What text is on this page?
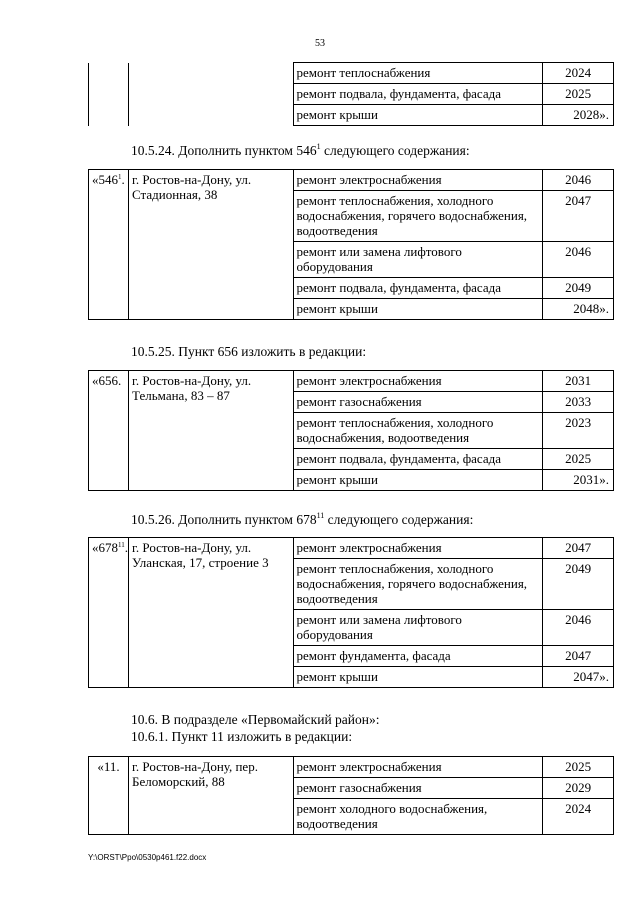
53
		ремонт теплоснабжения	2024
		ремонт подвала, фундамента, фасада	2025
		ремонт крыши	2028».
10.5.24. Дополнить пунктом $546^1$ следующего содержания:
«$546^1$.	г. Ростов-на-Дону, ул. Стадионная, 38	ремонт электроснабжения	2046
		ремонт теплоснабжения, холодного водоснабжения, горячего водоснабжения, водоотведения	2047
		ремонт или замена лифтового оборудования	2046
		ремонт подвала, фундамента, фасада	2049
		ремонт крыши	2048».
10.5.25. Пункт 656 изложить в редакции:
«656.	г. Ростов-на-Дону, ул. Тельмана, 83 – 87	ремонт электроснабжения	2031
		ремонт газоснабжения	2033
		ремонт теплоснабжения, холодного водоснабжения, водоотведения	2023
		ремонт подвала, фундамента, фасада	2025
		ремонт крыши	2031».
10.5.26. Дополнить пунктом $678^{11}$ следующего содержания:
«$678^{11}$.	г. Ростов-на-Дону, ул. Уланская, 17, строение 3	ремонт электроснабжения	2047
		ремонт теплоснабжения, холодного водоснабжения, горячего водоснабжения, водоотведения	2049
		ремонт или замена лифтового оборудования	2046
		ремонт фундамента, фасада	2047
		ремонт крыши	2047».
10.6. В подразделе «Первомайский район»:
10.6.1. Пункт 11 изложить в редакции:
«11.	г. Ростов-на-Дону, пер. Беломорский, 88	ремонт электроснабжения	2025
		ремонт газоснабжения	2029
		ремонт холодного водоснабжения, водоотведения	2024
Y:\ORST\Ppo\0530p461.f22.docx
